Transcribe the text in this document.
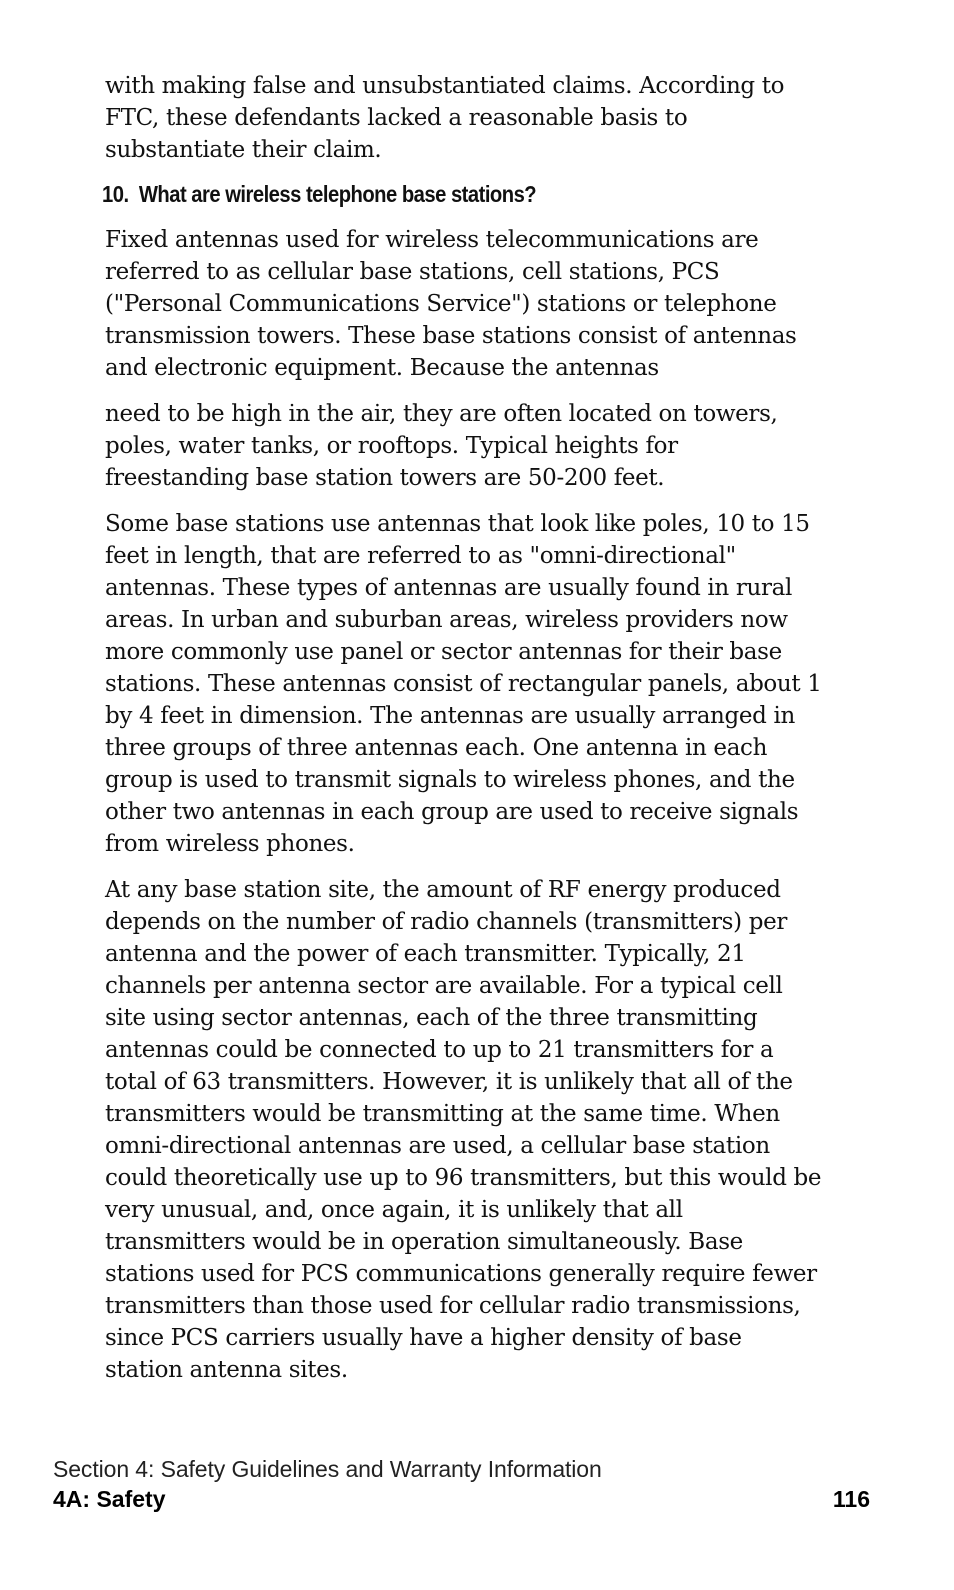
with making false and unsubstantiated claims. According to FTC, these defendants lacked a reasonable basis to substantiate their claim.

10. What are wireless telephone base stations?

Fixed antennas used for wireless telecommunications are referred to as cellular base stations, cell stations, PCS ("Personal Communications Service") stations or telephone transmission towers. These base stations consist of antennas and electronic equipment. Because the antennas

need to be high in the air, they are often located on towers, poles, water tanks, or rooftops. Typical heights for freestanding base station towers are 50-200 feet.

Some base stations use antennas that look like poles, 10 to 15 feet in length, that are referred to as "omni-directional" antennas. These types of antennas are usually found in rural areas. In urban and suburban areas, wireless providers now more commonly use panel or sector antennas for their base stations. These antennas consist of rectangular panels, about 1 by 4 feet in dimension. The antennas are usually arranged in three groups of three antennas each. One antenna in each group is used to transmit signals to wireless phones, and the other two antennas in each group are used to receive signals from wireless phones.

At any base station site, the amount of RF energy produced depends on the number of radio channels (transmitters) per antenna and the power of each transmitter. Typically, 21 channels per antenna sector are available. For a typical cell site using sector antennas, each of the three transmitting antennas could be connected to up to 21 transmitters for a total of 63 transmitters. However, it is unlikely that all of the transmitters would be transmitting at the same time. When omni-directional antennas are used, a cellular base station could theoretically use up to 96 transmitters, but this would be very unusual, and, once again, it is unlikely that all transmitters would be in operation simultaneously. Base stations used for PCS communications generally require fewer transmitters than those used for cellular radio transmissions, since PCS carriers usually have a higher density of base station antenna sites.

Section 4: Safety Guidelines and Warranty Information
4A: Safety	116
